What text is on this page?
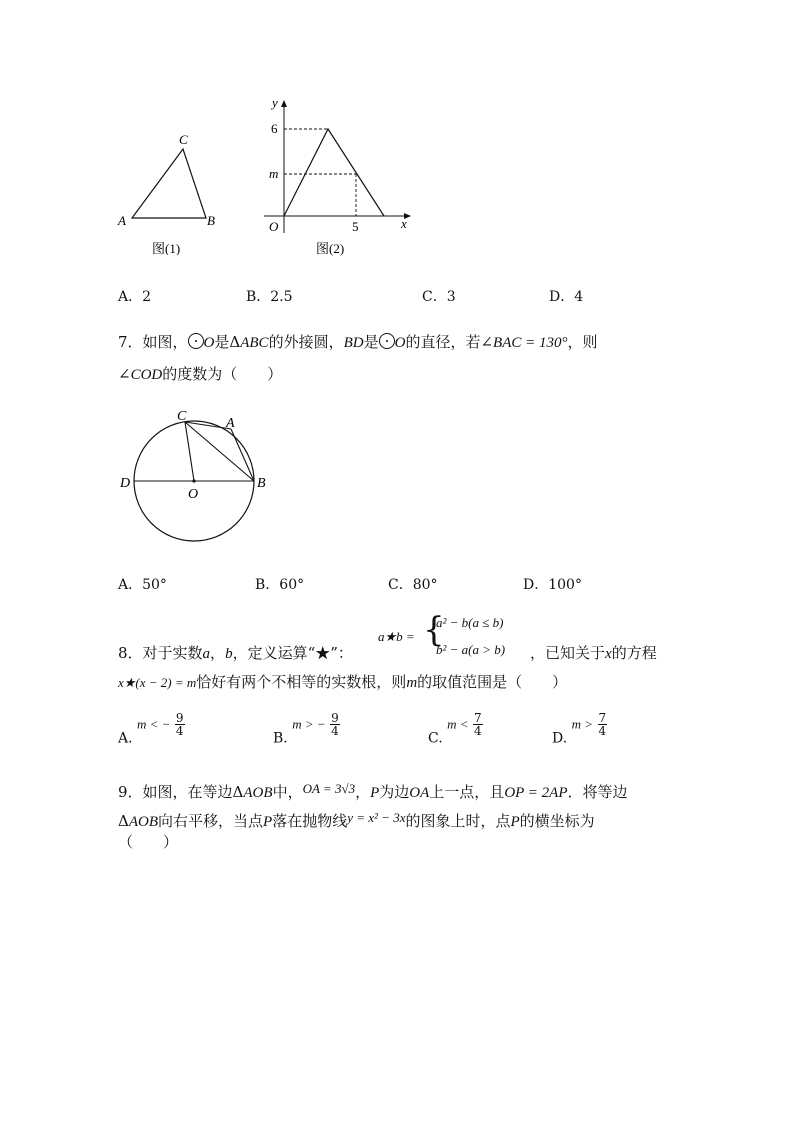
C
A	B
图(1)
y
6
m
O	5	x
图(2)
A．2	B．2.5	C．3	D．4
7．如图， O是ΔABC的外接圆，BD是 O的直径，若∠BAC = 130°，则
∠COD的度数为（　　）
C	A
D
O
B
A．50°	B．60°	C．80°	D．100°
8．对于实数a，b，定义运算“★”：
a★b = {
a² − b(a ≤ b)
b² − a(a > b) ，已知关于x的方程
x★(x − 2) = m恰好有两个不相等的实数根，则m的取值范围是（　　）
A. m < − $\frac{9}{4}$
B. m > − $\frac{9}{4}$
C. $m < \frac{7}{4}$
D. $m > \frac{7}{4}$
9．如图，在等边ΔAOB中，OA = 3√3，P为边OA上一点，且OP = 2AP．将等边
ΔAOB向右平移，当点P落在抛物线y = x² − 3x的图象上时，点P的横坐标为
（　　）
